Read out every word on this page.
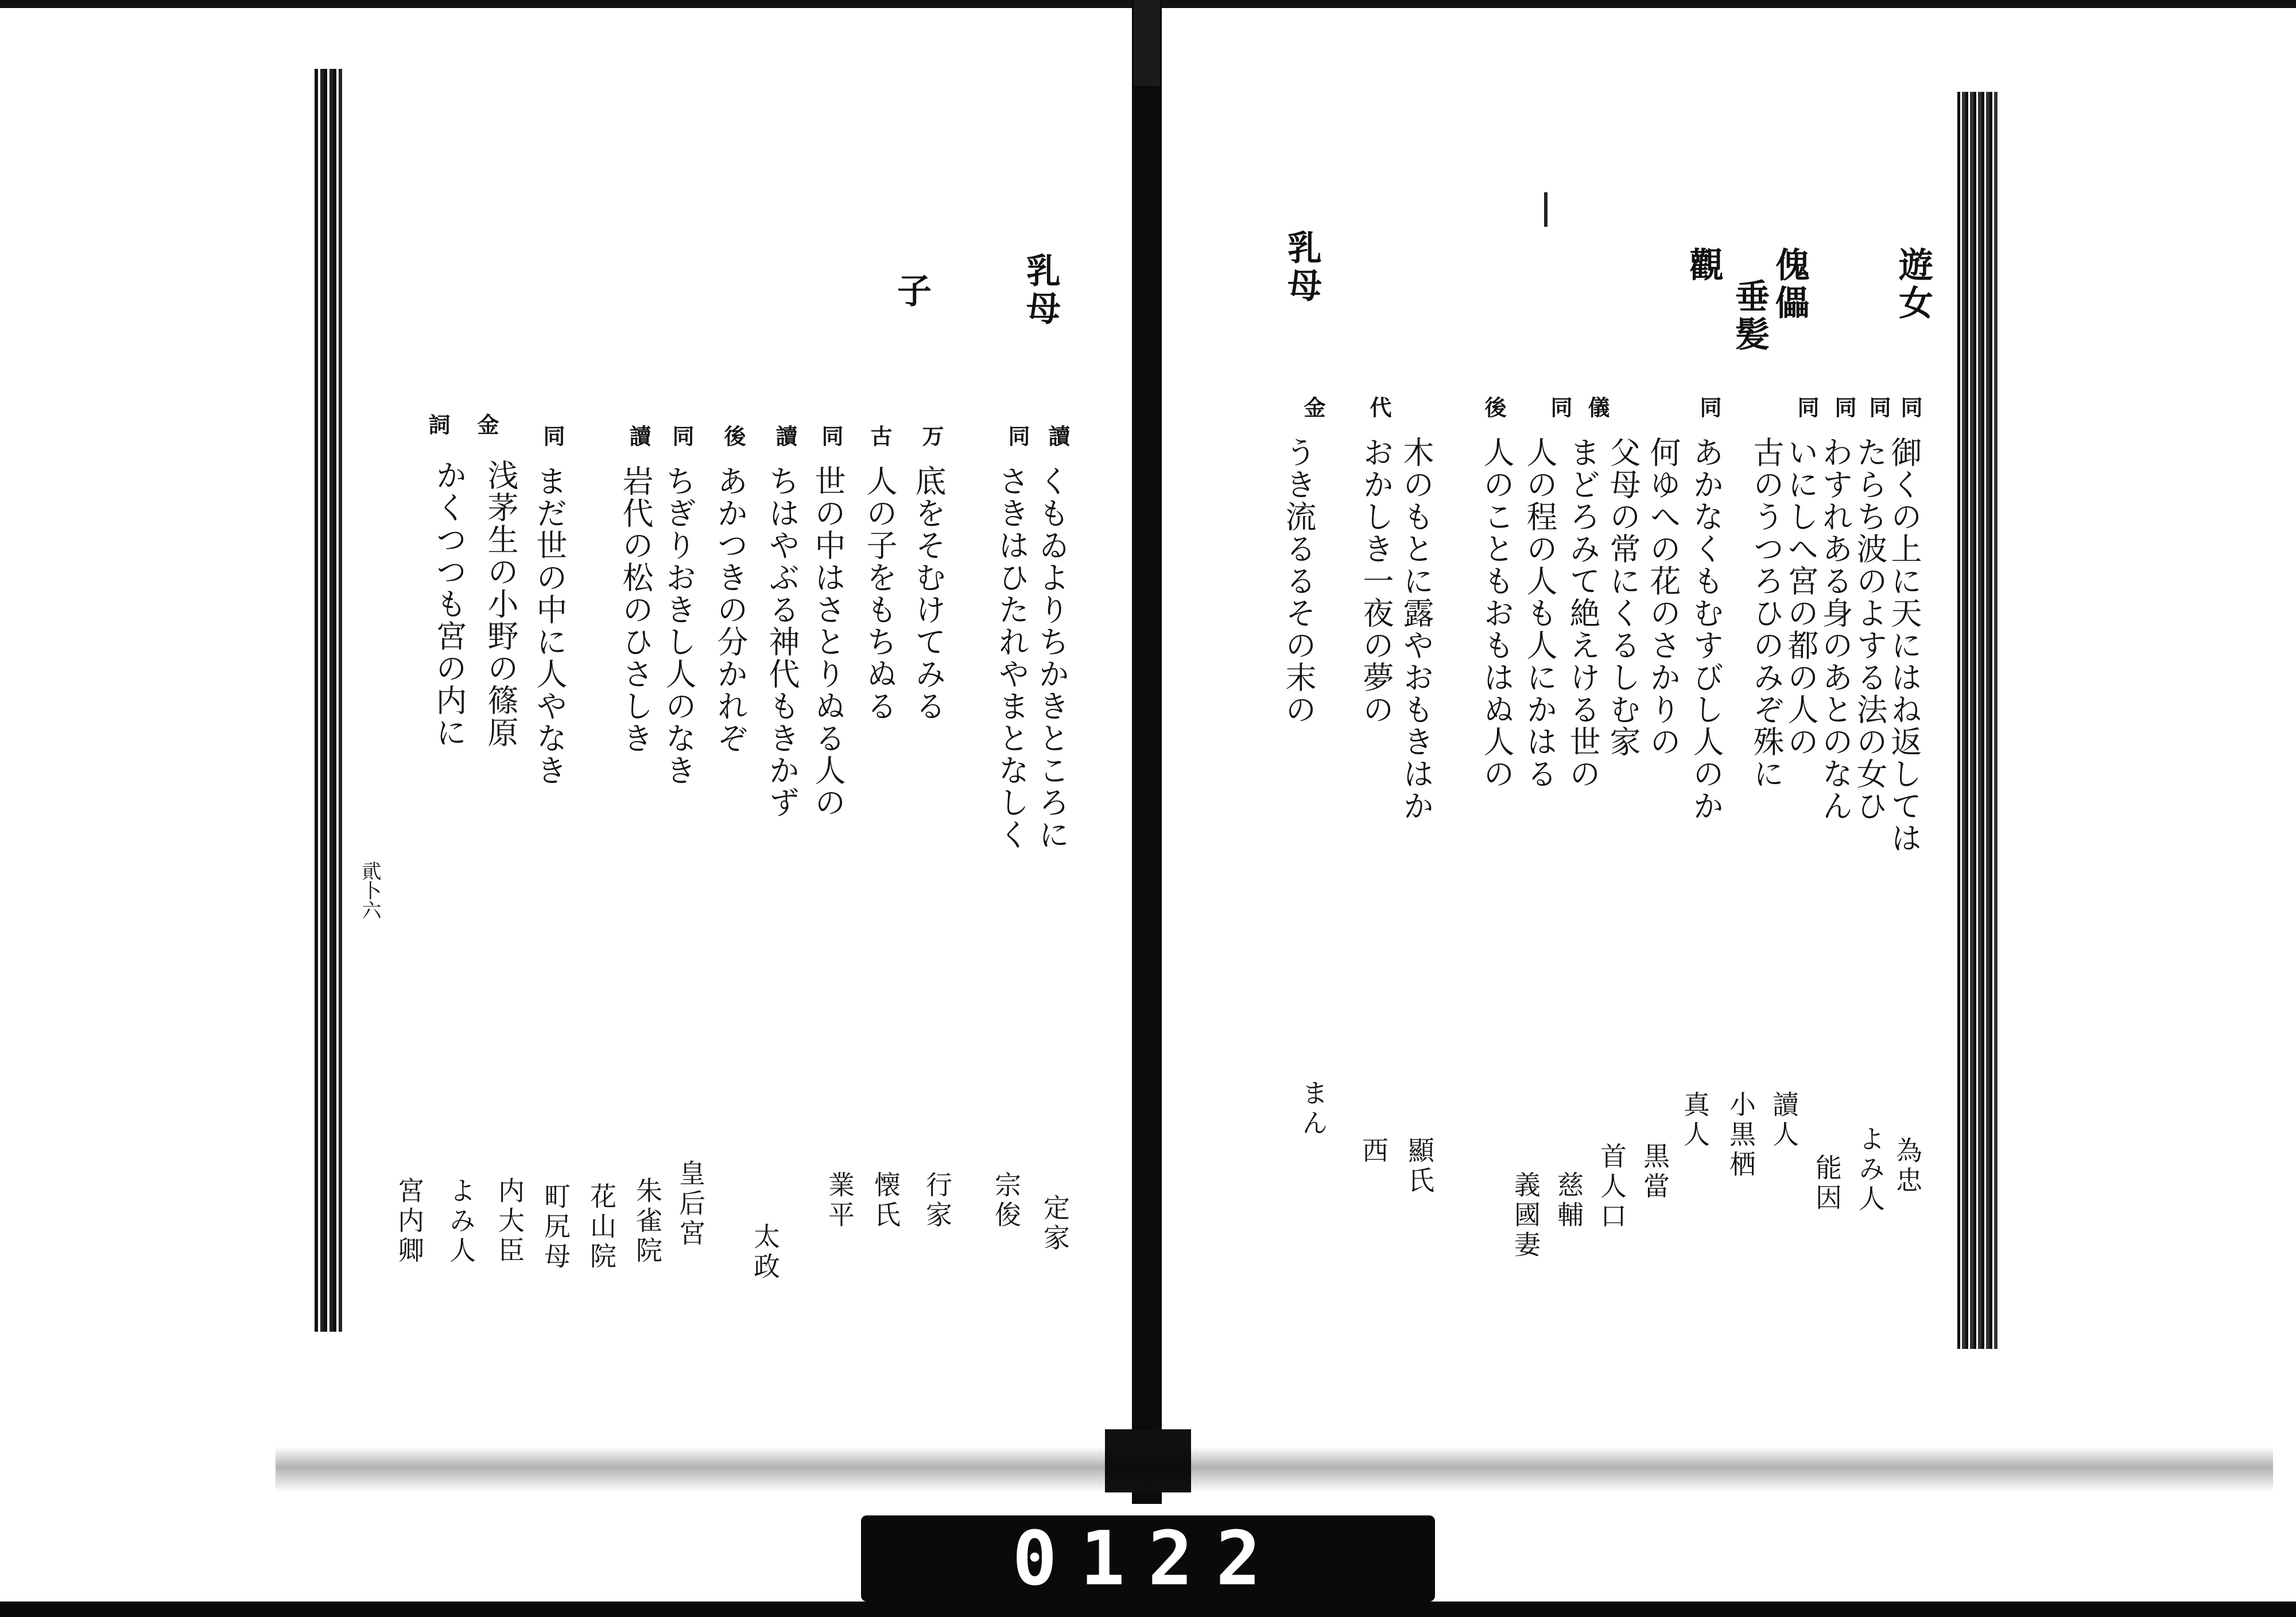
遊女
傀儡
垂髪
觀
乳母
同
同
同
同
同
儀
同
後
代
金
御くの上に天にはね返しては
たらち波のよする法の女ひ
わすれある身のあとのなん
いにしへ宮の都の人の
古のうつろひのみぞ殊に
あかなくもむすびし人のか
何ゆへの花のさかりの
父母の常にくるしむ家
まどろみて絶えける世の
人の程の人も人にかはる
人のこともおもはぬ人の
木のもとに露やおもきはか
おかしき一夜の夢の
うき流るるその末の
為忠
よみ人
能因
讀人
小黒栖
真人
黒當
首人口
慈輔
義國妻
顯氏
西
まん
乳母
子
讀
同
万
古
同
讀
後
同
讀
同
金
詞
くもゐよりちかきところに
さきはひたれやまとなしく
底をそむけてみる
人の子をもちぬる
世の中はさとりぬる人の
ちはやぶる神代もきかず
あかつきの分かれぞ
ちぎりおきし人のなき
岩代の松のひさしき
まだ世の中に人やなき
浅茅生の小野の篠原
かくつつも宮の内に
定家
宗俊
行家
懐氏
業平
太政
皇后宮
朱雀院
花山院
町尻母
内大臣
よみ人
宮内卿
貮卜六
0122
